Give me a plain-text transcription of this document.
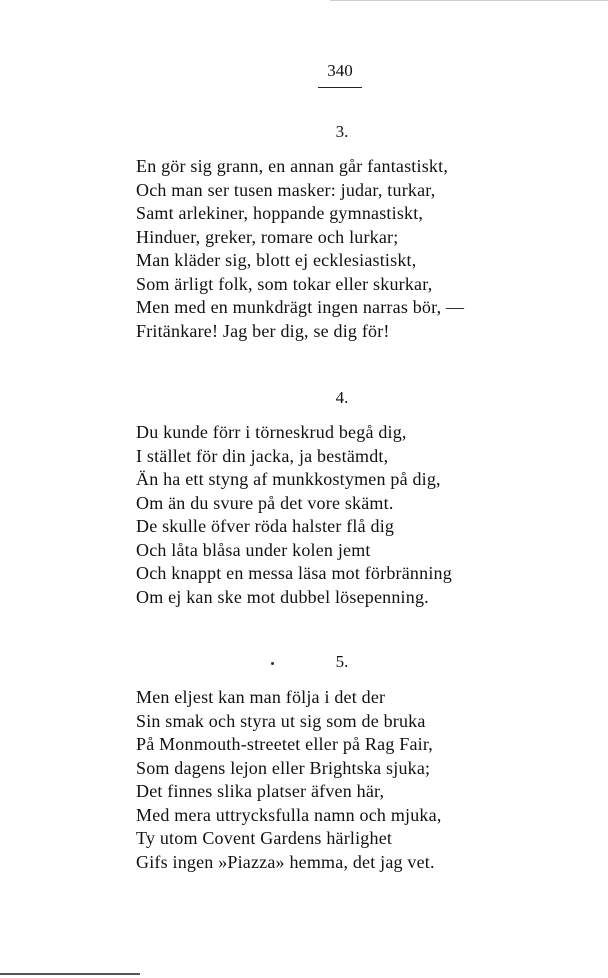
340
3.
En gör sig grann, en annan går fantastiskt,
Och man ser tusen masker: judar, turkar,
Samt arlekiner, hoppande gymnastiskt,
Hinduer, greker, romare och lurkar;
Man kläder sig, blott ej ecklesiastiskt,
Som ärligt folk, som tokar eller skurkar,
Men med en munkdrägt ingen narras bör, —
Fritänkare! Jag ber dig, se dig för!
4.
Du kunde förr i törneskrud begå dig,
I stället för din jacka, ja bestämdt,
Än ha ett styng af munkkostymen på dig,
Om än du svure på det vore skämt.
De skulle öfver röda halster flå dig
Och låta blåsa under kolen jemt
Och knappt en messa läsa mot förbränning
Om ej kan ske mot dubbel lösepenning.
5.
Men eljest kan man följa i det der
Sin smak och styra ut sig som de bruka
På Monmouth-streetet eller på Rag Fair,
Som dagens lejon eller Brightska sjuka;
Det finnes slika platser äfven här,
Med mera uttrycksfulla namn och mjuka,
Ty utom Covent Gardens härlighet
Gifs ingen »Piazza» hemma, det jag vet.
